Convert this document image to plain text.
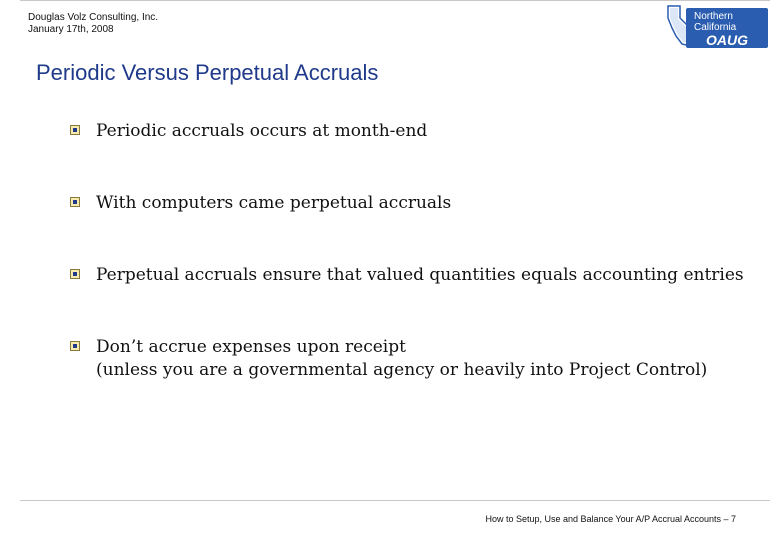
Douglas Volz Consulting, Inc.
January 17th, 2008
Northern
California
OAUG
Periodic Versus Perpetual Accruals
Periodic accruals occurs at month-end
With computers came perpetual accruals
Perpetual accruals ensure that valued quantities equals accounting entries
Don’t accrue expenses upon receipt
(unless you are a governmental agency or heavily into Project Control)
How to Setup, Use and Balance Your A/P Accrual Accounts – 7
